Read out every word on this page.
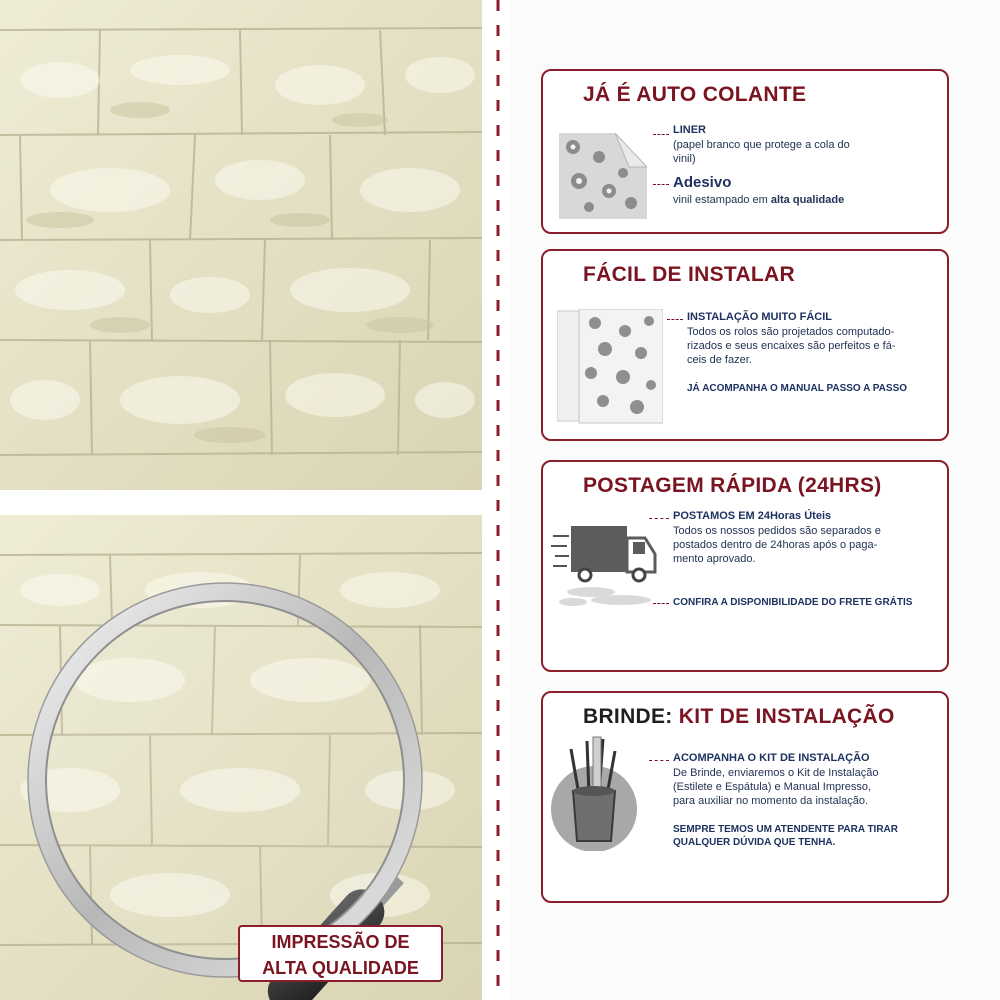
IMPRESSÃO DE
ALTA QUALIDADE
JÁ É AUTO COLANTE
LINER
(papel branco que protege a cola do vinil)
Adesivo
vinil estampado em alta qualidade
FÁCIL DE INSTALAR
INSTALAÇÃO MUITO FÁCIL
Todos os rolos são projetados computado-
rizados e seus encaixes são perfeitos e fá-
ceis de fazer.
JÁ ACOMPANHA O MANUAL PASSO A PASSO
POSTAGEM RÁPIDA (24HRS)
POSTAMOS EM 24Horas Úteis
Todos os nossos pedidos são separados e
postados dentro de 24horas após o paga-
mento aprovado.
CONFIRA A DISPONIBILIDADE DO FRETE GRÁTIS
BRINDE: KIT DE INSTALAÇÃO
ACOMPANHA O KIT DE INSTALAÇÃO
De Brinde, enviaremos o Kit de Instalação
(Estilete e Espátula) e Manual Impresso,
para auxiliar no momento da instalação.
SEMPRE TEMOS UM ATENDENTE PARA TIRAR
QUALQUER DÚVIDA QUE TENHA.
